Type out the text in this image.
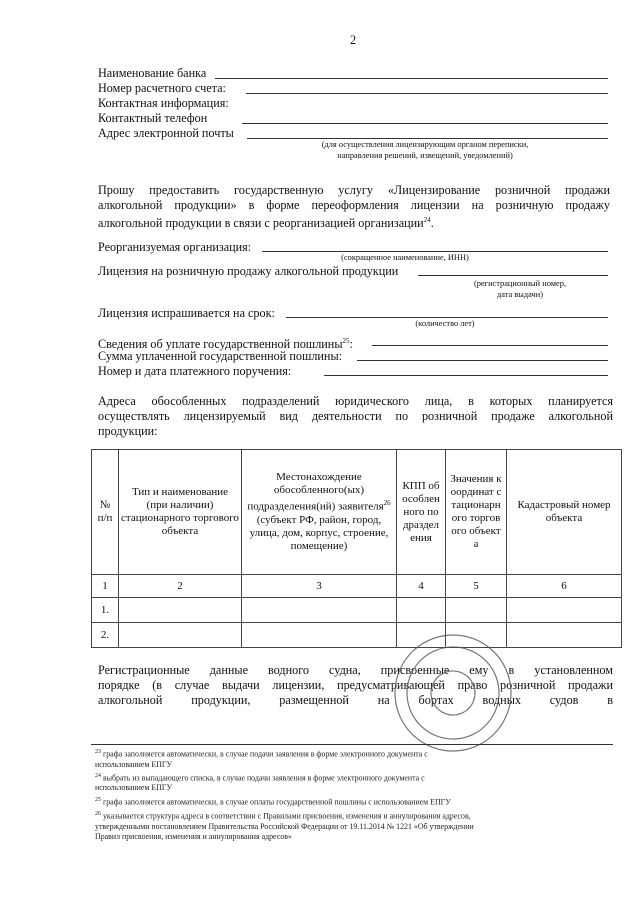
2
Наименование банка
Номер расчетного счета:
Контактная информация:
Контактный телефон
Адрес электронной почты
(для осуществления лицензирующим органом переписки,
направления решений, извещений, уведомлений)
Прошу предоставить государственную услугу «Лицензирование розничной продажи
алкогольной продукции» в форме переоформления лицензии на розничную продажу
алкогольной продукции в связи с реорганизацией организации$^{24}$.
Реорганизуемая организация:
(сокращенное наименование, ИНН)
Лицензия на розничную продажу алкогольной продукции
(регистрационный номер,
дата выдачи)
Лицензия испрашивается на срок:
(количество лет)
Сведения об уплате государственной пошлины$^{25}$:
Сумма уплаченной государственной пошлины:
Номер и дата платежного поручения:
Адреса обособленных подразделений юридического лица, в которых планируется
осуществлять лицензируемый вид деятельности по розничной продаже алкогольной
продукции:
№ п/п	Тип и наименование (при наличии) стационарного торгового объекта	Местонахождение обособленного(ых) подразделения(ий) заявителя$^{26}$
(субъект РФ, район, город, улица, дом, корпус, строение, помещение)	КПП обособленного подразделения	Значения координат стационарного торгового объекта	Кадастровый номер объекта

1	2	3	4	5	6
1.					
2.					
Регистрационные данные водного судна, присвоенные ему в установленном
порядке (в случае выдачи лицензии, предусматривающей право розничной продажи
алкогольной продукции, размещенной на бортах водных судов в
$^{23}$ графа заполняется автоматически, в случае подачи заявления в форме электронного документа с
использованием ЕПГУ
$^{24}$ выбрать из выпадающего списка, в случае подачи заявления в форме электронного документа с
использованием ЕПГУ
$^{25}$ графа заполняется автоматически, в случае оплаты государственной пошлины с использованием ЕПГУ
$^{26}$ указывается структура адреса в соответствии с Правилами присвоения, изменения и аннулирования адресов,
утвержденными постановлением Правительства Российской Федерации от 19.11.2014 № 1221 «Об утверждении
Правил присвоения, изменения и аннулирования адресов»
